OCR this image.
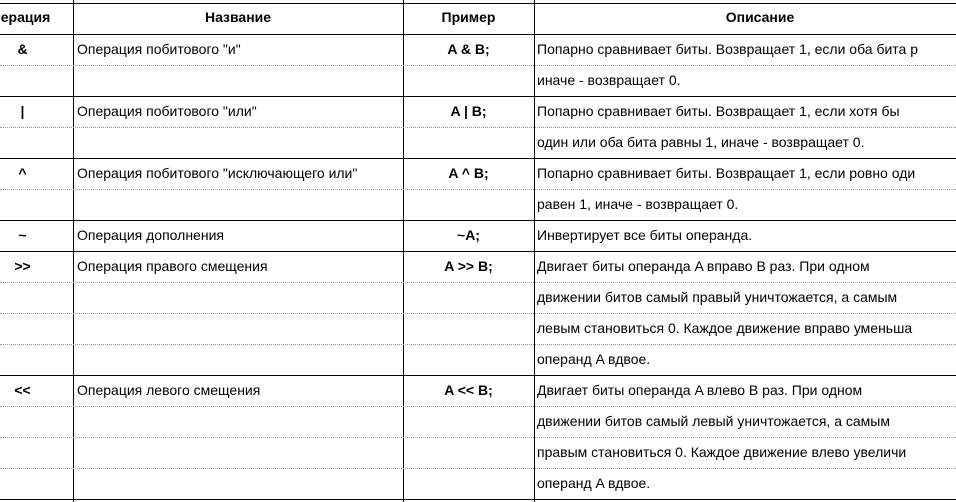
ерация	Название	Пример	Описание
&	Операция побитового "и"	A & B;	Попарно сравнивает биты. Возвращает 1, если оба бита р
иначе - возвращает 0.
|	Операция побитового "или"	A | B;	Попарно сравнивает биты. Возвращает 1, если хотя бы
один или оба бита равны 1, иначе - возвращает 0.
^	Операция побитового "исключающего или"	A ^ B;	Попарно сравнивает биты. Возвращает 1, если ровно оди
равен 1, иначе - возвращает 0.
~	Операция дополнения	~A;	Инвертирует все биты операнда.
>>	Операция правого смещения	A >> B;	Двигает биты операнда A вправо B раз. При одном
движении битов самый правый уничтожается, а самым
левым становиться 0. Каждое движение вправо уменьша
операнд A вдвое.
<<	Операция левого смещения	A << B;	Двигает биты операнда A влево B раз. При одном
движении битов самый левый уничтожается, а самым
правым становиться 0. Каждое движение влево увеличи
операнд A вдвое.
